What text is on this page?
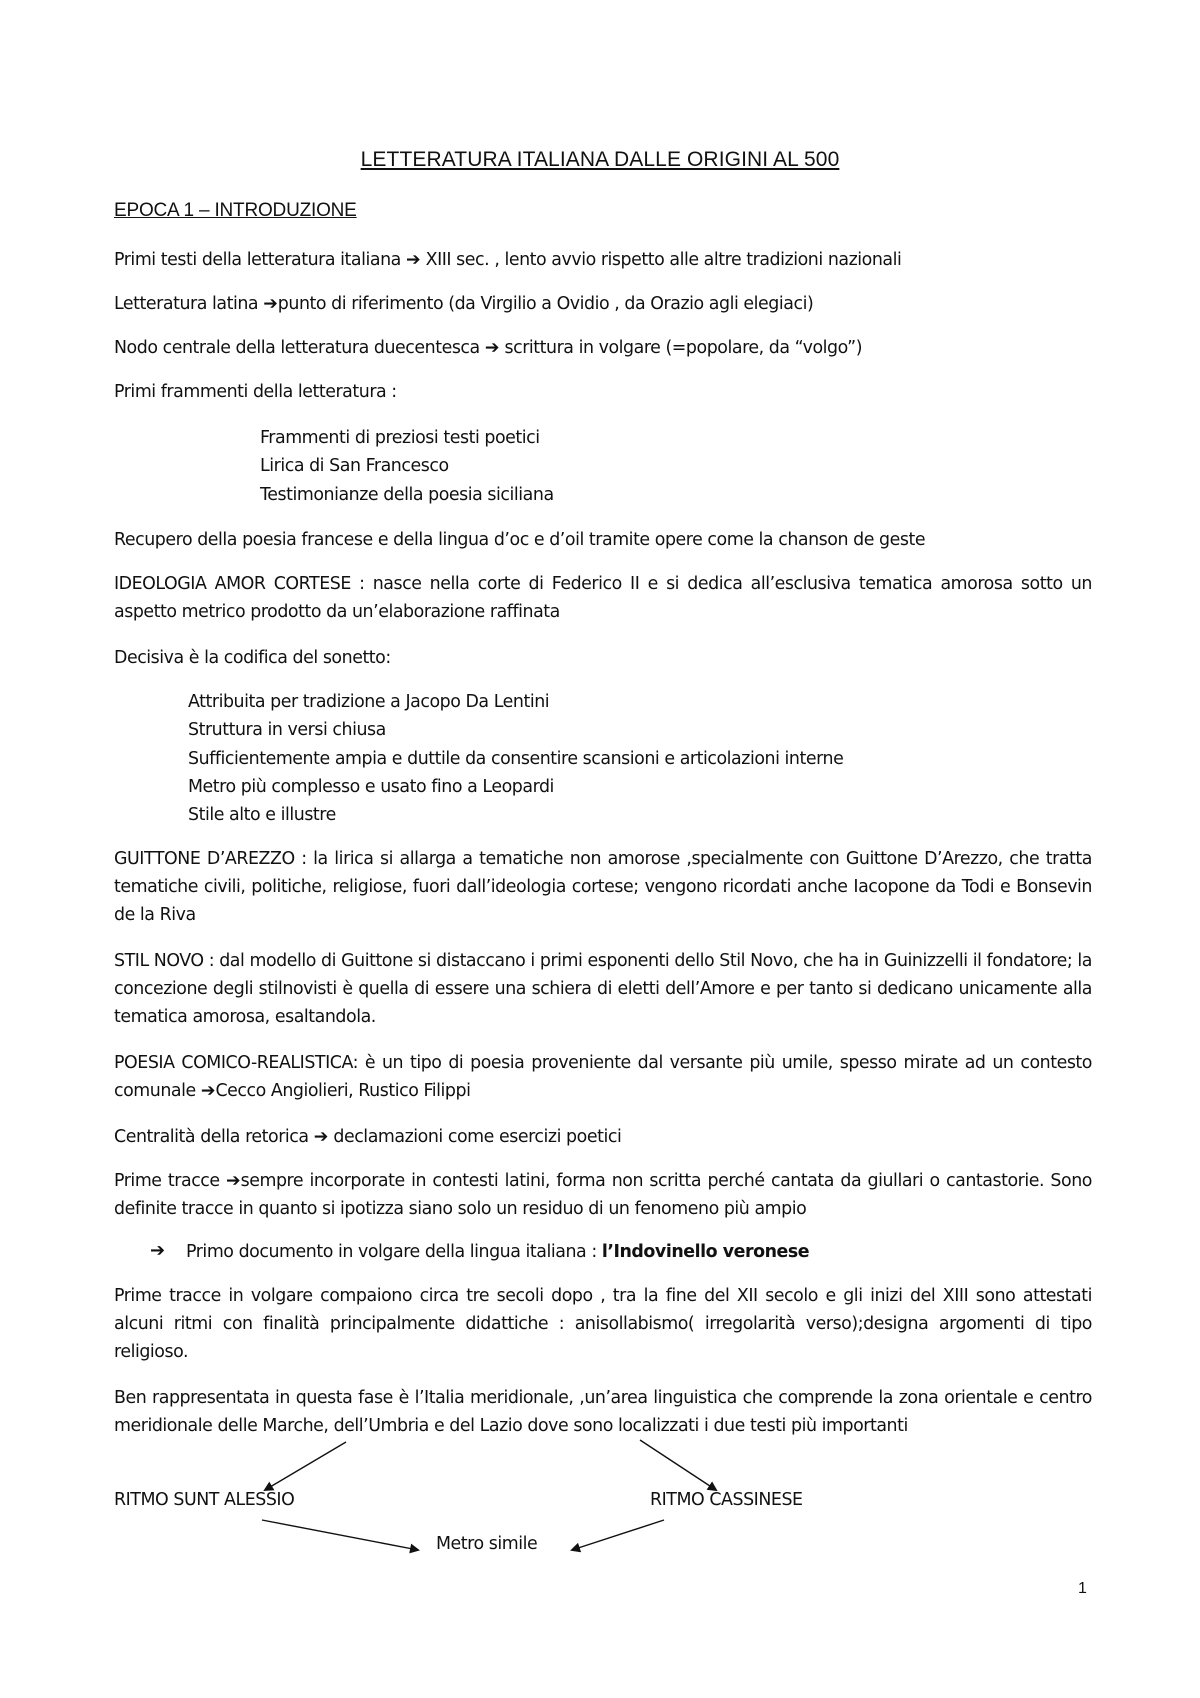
LETTERATURA ITALIANA DALLE ORIGINI AL 500
EPOCA 1 – INTRODUZIONE
Primi testi della letteratura italiana ➔ XIII sec. , lento avvio rispetto alle altre tradizioni nazionali
Letteratura latina ➔punto di riferimento (da Virgilio a Ovidio , da Orazio agli elegiaci)
Nodo centrale della letteratura duecentesca ➔ scrittura in volgare (=popolare, da “volgo”)
Primi frammenti della letteratura :
Frammenti di preziosi testi poetici
Lirica di San Francesco
Testimonianze della poesia siciliana
Recupero della poesia francese e della lingua d’oc e d’oil tramite opere come la chanson de geste
IDEOLOGIA AMOR CORTESE : nasce nella corte di Federico II e si dedica all’esclusiva tematica amorosa sotto un aspetto metrico prodotto da un’elaborazione raffinata
Decisiva è la codifica del sonetto:
Attribuita per tradizione a Jacopo Da Lentini
Struttura in versi chiusa
Sufficientemente ampia e duttile da consentire scansioni e articolazioni interne
Metro più complesso e usato fino a Leopardi
Stile alto e illustre
GUITTONE D’AREZZO : la lirica si allarga a tematiche non amorose ,specialmente con Guittone D’Arezzo, che tratta tematiche civili, politiche, religiose, fuori dall’ideologia cortese; vengono ricordati anche Iacopone da Todi e Bonsevin de la Riva
STIL NOVO : dal modello di Guittone si distaccano i primi esponenti dello Stil Novo, che ha in Guinizzelli il fondatore; la concezione degli stilnovisti è quella di essere una schiera di eletti dell’Amore e per tanto si dedicano unicamente alla tematica amorosa, esaltandola.
POESIA COMICO-REALISTICA: è un tipo di poesia proveniente dal versante più umile, spesso mirate ad un contesto comunale ➔Cecco Angiolieri, Rustico Filippi
Centralità della retorica ➔ declamazioni come esercizi poetici
Prime tracce ➔sempre incorporate in contesti latini, forma non scritta perché cantata da giullari o cantastorie. Sono definite tracce in quanto si ipotizza siano solo un residuo di un fenomeno più ampio
➔ Primo documento in volgare della lingua italiana : l’Indovinello veronese
Prime tracce in volgare compaiono circa tre secoli dopo , tra la fine del XII secolo e gli inizi del XIII sono attestati alcuni ritmi con finalità principalmente didattiche : anisollabismo( irregolarità verso);designa argomenti di tipo religioso.
Ben rappresentata in questa fase è l’Italia meridionale, ,un’area linguistica che comprende la zona orientale e centro meridionale delle Marche, dell’Umbria e del Lazio dove sono localizzati i due testi più importanti
RITMO SUNT ALESSIO	RITMO CASSINESE
Metro simile
1
